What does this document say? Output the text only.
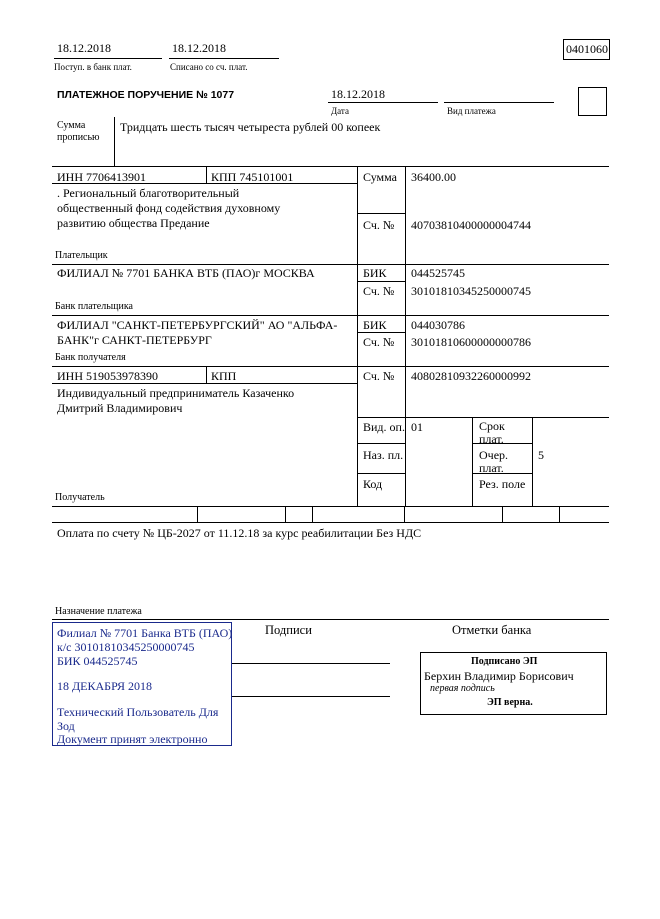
18.12.2018
Поступ. в банк плат.
18.12.2018
Списано со сч. плат.
0401060
ПЛАТЕЖНОЕ ПОРУЧЕНИЕ № 1077	18.12.2018
Дата	Вид платежа
Сумма
прописью
Тридцать шесть тысяч четыреста рублей 00 копеек
ИНН 7706413901	КПП 745101001
. Региональный благотворительный
общественный фонд содействия духовному
развитию общества Предание
Плательщик
Сумма 36400.00
Сч. № 40703810400000004744
ФИЛИАЛ № 7701 БАНКА ВТБ (ПАО)г МОСКВА
Банк плательщика
БИК 044525745
Сч. № 30101810345250000745
ФИЛИАЛ "САНКТ-ПЕТЕРБУРГСКИЙ" АО "АЛЬФА-
БАНК"г САНКТ-ПЕТЕРБУРГ
Банк получателя
БИК 044030786
Сч. № 30101810600000000786
ИНН 519053978390	КПП	Сч. № 40802810932260000992
Индивидуальный предприниматель Казаченко
Дмитрий Владимирович
Получатель
Вид. оп. 01	Срок
плат.
Наз. пл.	Очер.
плат.
5
Код	Рез. поле
Оплата по счету № ЦБ-2027 от 11.12.18 за курс реабилитации Без НДС
Назначение платежа
Филиал № 7701 Банка ВТБ (ПАО)
к/с 30101810345250000745
БИК 044525745
18 ДЕКАБРЯ 2018
Технический Пользователь Для
Зод
Документ принят электронно
Подписи	Отметки банка
Подписано ЭП
Берхин Владимир Борисович
первая подпись
ЭП верна.
